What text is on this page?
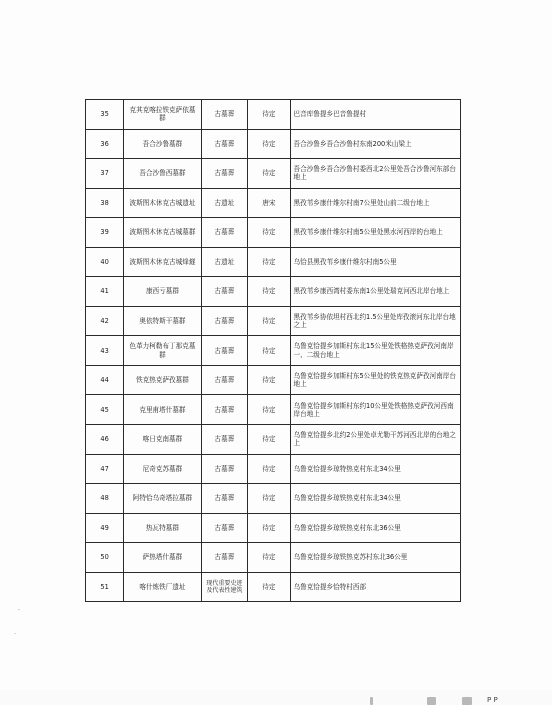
35	克其克喀拉铁克萨依墓群	古墓葬	待定	巴音库鲁提乡巴音鲁提村
36	吾合沙鲁墓群	古墓葬	待定	吾合沙鲁乡吾合沙鲁村东南200米山梁上
37	吾合沙鲁西墓群	古墓葬	待定	吾合沙鲁乡吾合沙鲁村委西北2公里处吾合沙鲁河东部台地上
38	波斯图木休克古城遗址	古遗址	唐宋	黑孜苇乡康什维尔村南7公里处山前二级台地上
39	波斯图木休克古城墓群	古墓葬	待定	黑孜苇乡康什维尔村南5公里处黑水河西岸的台地上
40	波斯图木休克古城烽燧	古遗址	待定	乌恰县黑孜苇乡康什维尔村南5公里
41	康西亏墓群	古墓葬	待定	黑孜苇乡康西湾村委东南1公里处瑞克河西北岸台地上
42	奥依特斯干墓群	古墓葬	待定	黑孜苇乡协依坦村西北约1.5公里处库孜滚河东北岸台地之上
43	色革力柯勒布丁那克墓群	古墓葬	待定	乌鲁克恰提乡加斯村东北15公里处铁格热克萨孜河南岸一、二级台地上
44	铁克热克萨孜墓群	古墓葬	待定	乌鲁克恰提乡加斯村东5公里处的铁克热克萨孜河南岸台地上
45	克里甫塔什墓群	古墓葬	待定	乌鲁克恰提乡加斯村东约10公里处铁格热克萨孜河西南岸台地上
46	喀日克南墓群	古墓葬	待定	乌鲁克恰提乡北约2公里处卓尤勒干苏河西北岸的台地之上
47	尼奇克苏墓群	古墓葬	待定	乌鲁克恰提乡琼特热克村东北34公里
48	阿特恰乌奇塔拉墓群	古墓葬	待定	乌鲁克恰提乡琼铁热克村东北34公里
49	热瓦特墓群	古墓葬	待定	乌鲁克恰提乡琼铁热克村东北36公里
50	萨热塔什墓群	古墓葬	待定	乌鲁克恰提乡琼铁热克苏村东北36公里
51	喀什炼铁厂遗址	现代重要史迹及代表性建筑	待定	乌鲁克恰提乡恰特村西部
·
·
P P
